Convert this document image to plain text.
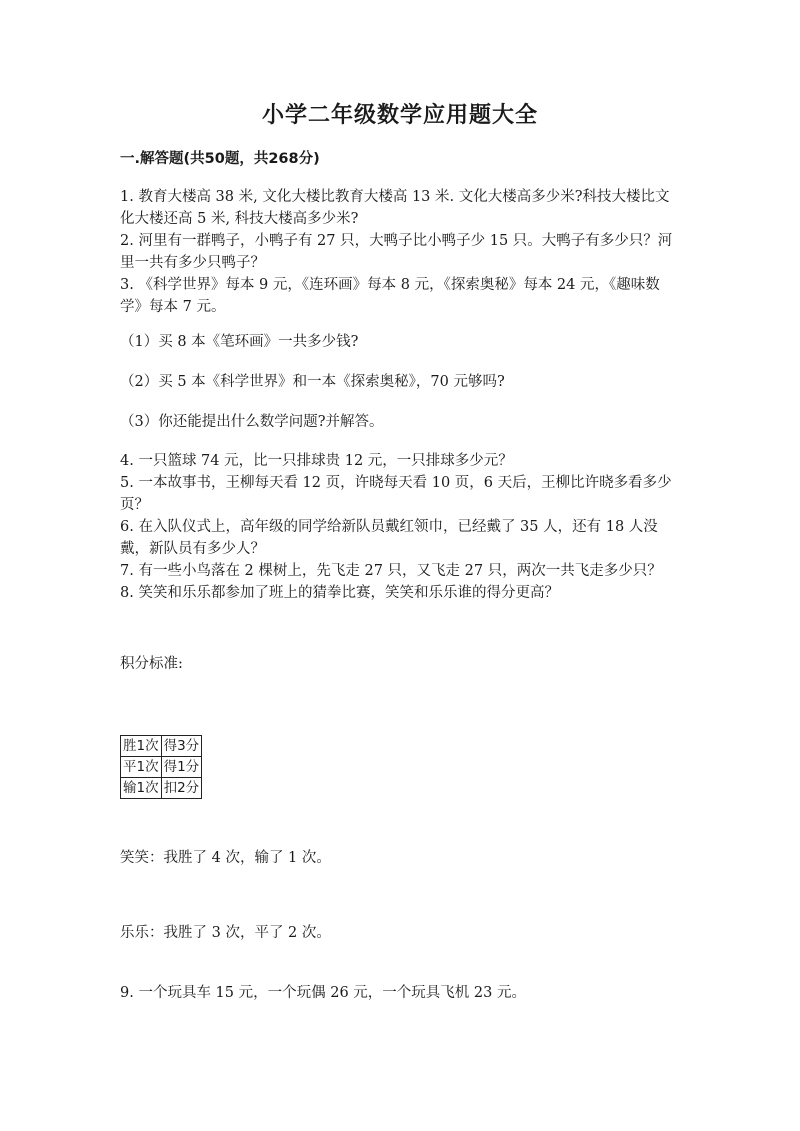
小学二年级数学应用题大全
一.解答题(共50题，共268分)

1. 教育大楼高 38 米, 文化大楼比教育大楼高 13 米. 文化大楼高多少米?科技大楼比文化大楼还高 5 米, 科技大楼高多少米?

2. 河里有一群鸭子，小鸭子有 27 只，大鸭子比小鸭子少 15 只。大鸭子有多少只？河里一共有多少只鸭子？

3. 《科学世界》每本 9 元，《连环画》每本 8 元，《探索奥秘》每本 24 元，《趣味数学》每本 7 元。

（1）买 8 本《笔环画》一共多少钱?
（2）买 5 本《科学世界》和一本《探索奥秘》，70 元够吗?
（3）你还能提出什么数学问题?并解答。

4. 一只篮球 74 元，比一只排球贵 12 元，一只排球多少元？

5. 一本故事书，王柳每天看 12 页，许晓每天看 10 页，6 天后，王柳比许晓多看多少页？

6. 在入队仪式上，高年级的同学给新队员戴红领巾，已经戴了 35 人，还有 18 人没戴，新队员有多少人？

7. 有一些小鸟落在 2 棵树上，先飞走 27 只，又飞走 27 只，两次一共飞走多少只？

8. 笑笑和乐乐都参加了班上的猜拳比赛，笑笑和乐乐谁的得分更高？

积分标准:
胜1次	得3分
平1次	得1分
输1次	扣2分
笑笑：我胜了 4 次，输了 1 次。
乐乐：我胜了 3 次，平了 2 次。
9. 一个玩具车 15 元，一个玩偶 26 元，一个玩具飞机 23 元。
